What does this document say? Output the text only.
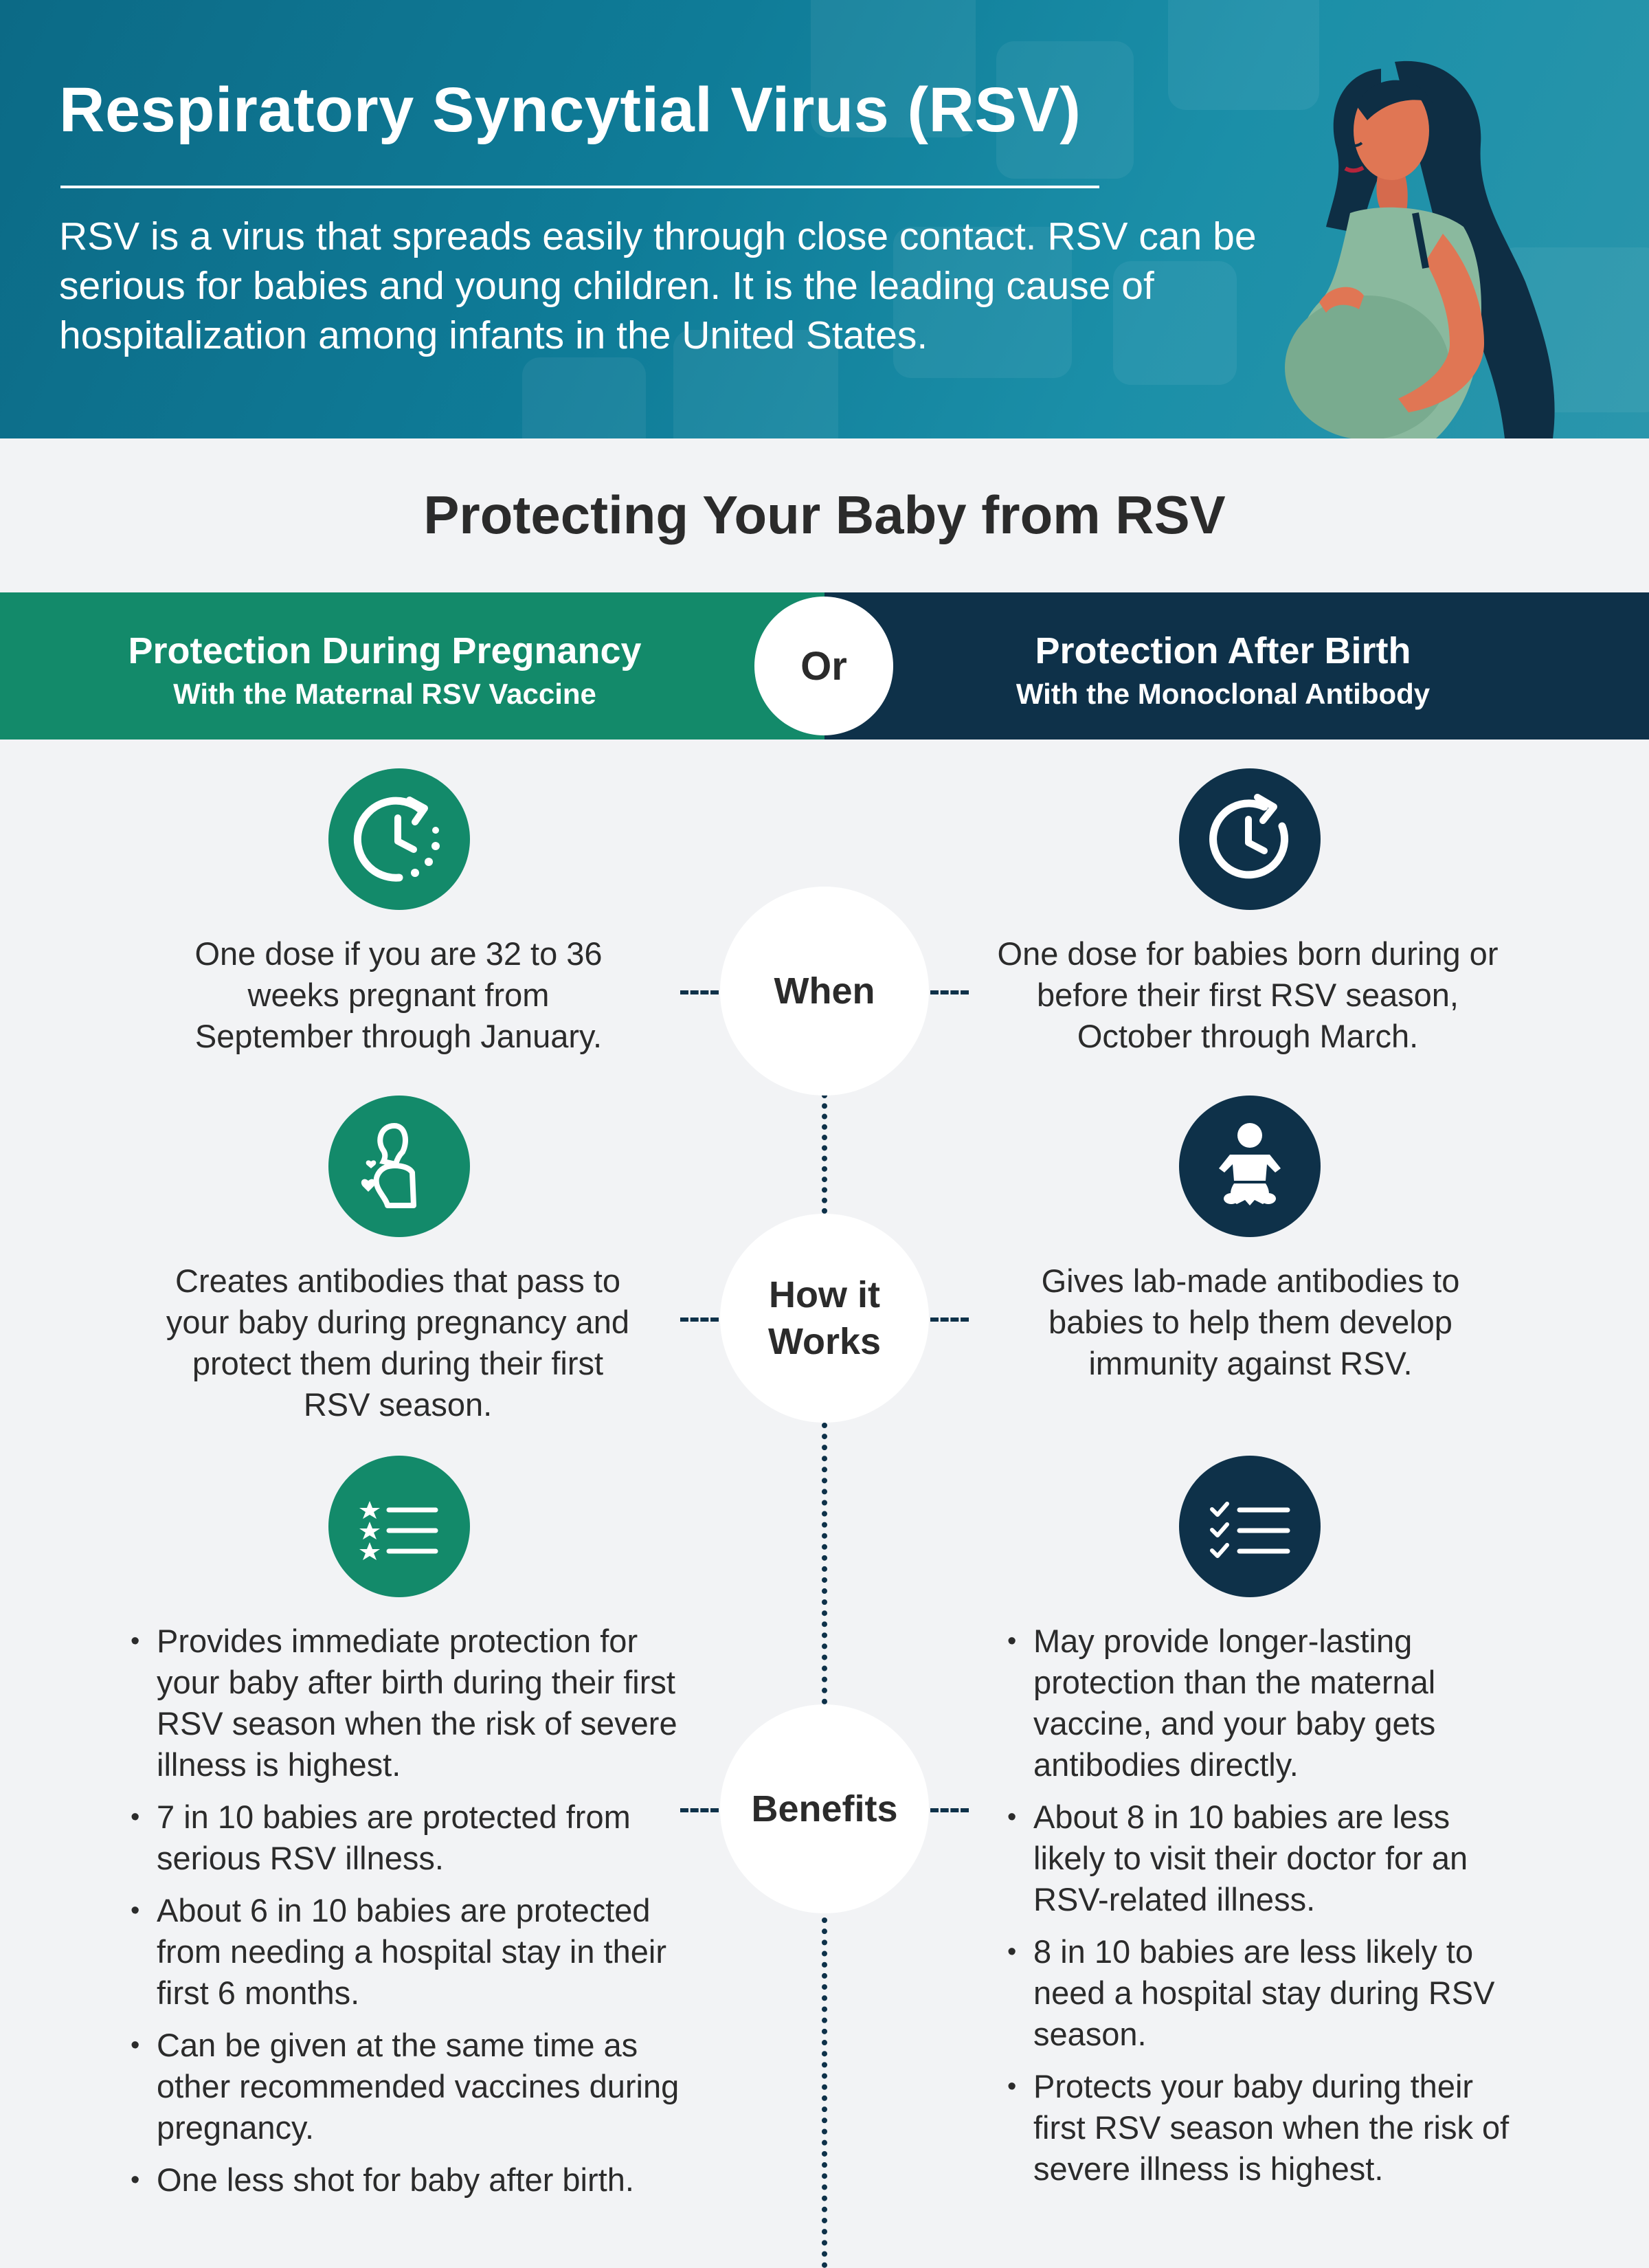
Respiratory Syncytial Virus (RSV)
RSV is a virus that spreads easily through close contact. RSV can be serious for babies and young children. It is the leading cause of hospitalization among infants in the United States.
Protecting Your Baby from RSV
Protection During Pregnancy
With the Maternal RSV Vaccine
Protection After Birth
With the Monoclonal Antibody
Or
When
How it
Works
Benefits
One dose if you are 32 to 36 weeks pregnant from September through January.
One dose for babies born during or before their first RSV season, October through March.
Creates antibodies that pass to your baby during pregnancy and protect them during their first RSV season.
Gives lab-made antibodies to babies to help them develop immunity against RSV.
• Provides immediate protection for your baby after birth during their first RSV season when the risk of severe illness is highest.
• 7 in 10 babies are protected from serious RSV illness.
• About 6 in 10 babies are protected from needing a hospital stay in their first 6 months.
• Can be given at the same time as other recommended vaccines during pregnancy.
• One less shot for baby after birth.
• May provide longer-lasting protection than the maternal vaccine, and your baby gets antibodies directly.
• About 8 in 10 babies are less likely to visit their doctor for an RSV-related illness.
• 8 in 10 babies are less likely to need a hospital stay during RSV season.
• Protects your baby during their first RSV season when the risk of severe illness is highest.
